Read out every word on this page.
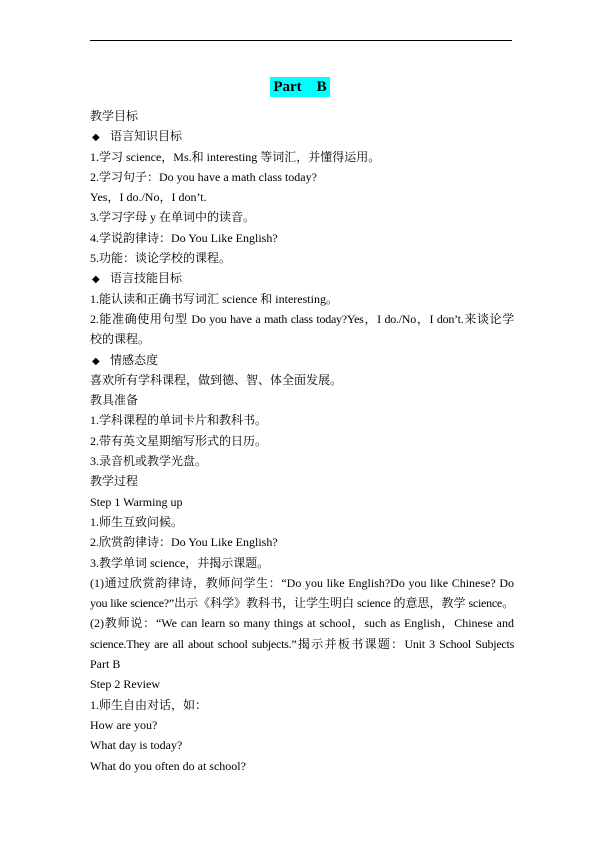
Part　B
教学目标
◆ 语言知识目标
1.学习 science，Ms.和 interesting 等词汇，并懂得运用。
2.学习句子：Do you have a math class today?
Yes，I do./No，I don’t.
3.学习字母 y 在单词中的读音。
4.学说韵律诗：Do You Like English?
5.功能：谈论学校的课程。
◆ 语言技能目标
1.能认读和正确书写词汇 science 和 interesting。
2.能准确使用句型 Do you have a math class today?Yes，I do./No，I don’t.来谈论学
校的课程。
◆ 情感态度
喜欢所有学科课程，做到德、智、体全面发展。
教具准备
1.学科课程的单词卡片和教科书。
2.带有英文星期缩写形式的日历。
3.录音机或教学光盘。
教学过程
Step 1 Warming up
1.师生互致问候。
2.欣赏韵律诗：Do You Like English?
3.教学单词 science，并揭示课题。
(1)通过欣赏韵律诗，教师问学生：“Do you like English?Do you like Chinese? Do
you like science?”出示《科学》教科书，让学生明白 science 的意思，教学 science。
(2)教师说：“We can learn so many things at school，such as English，Chinese and
science.They are all about school subjects.”揭示并板书课题：Unit 3 School Subjects
Part B
Step 2 Review
1.师生自由对话，如：
How are you?
What day is today?
What do you often do at school?
